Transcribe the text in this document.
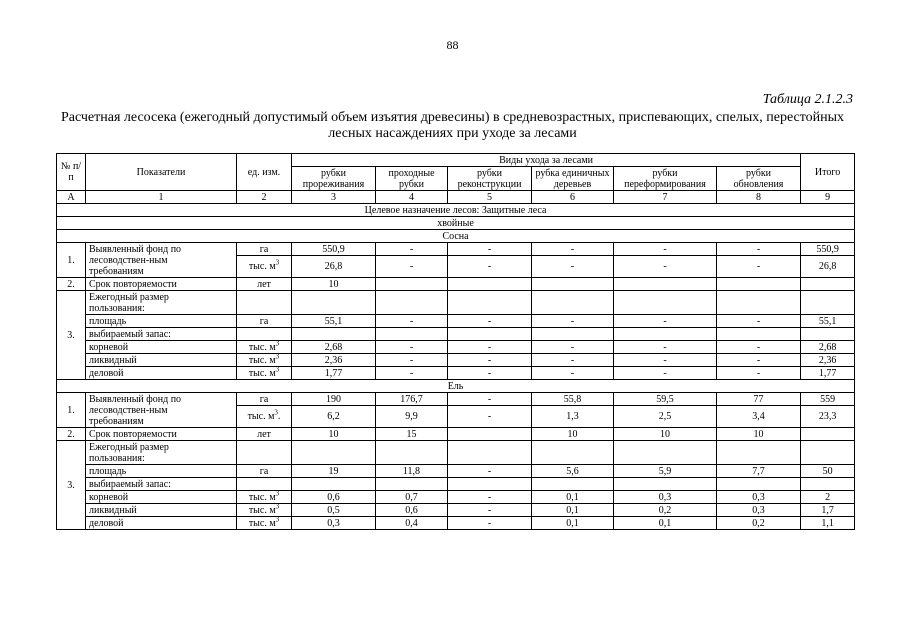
88
Таблица 2.1.2.3
Расчетная лесосека (ежегодный допустимый объем изъятия древесины) в средневозрастных, приспевающих, спелых, перестойных лесных насаждениях при уходе за лесами
№ п/п	Показатели	ед. изм.	Виды ухода за лесами						Итого
			рубки прореживания	проходные рубки	рубки реконструкции	рубка единичных деревьев	рубки переформирования	рубки обновления	

А	1	2	3	4	5	6	7	8	9
Целевое назначение лесов: Защитные леса									
хвойные									
Сосна									
1.	Выявленный фонд по
лесоводствен-ным
требованиям	га	550,9	-	-	-	-	-	550,9
		тыс. $м^3$	26,8	-	-	-	-	-	26,8
2.	Срок повторяемости	лет	10						
3.	Ежегодный размер
пользования:								

	площадь	га	55,1	-	-	-	-	-	55,1
	выбираемый запас:								
	корневой	тыс. $м^3$	2,68	-	-	-	-	-	2,68
	ликвидный	тыс. $м^3$	2,36	-	-	-	-	-	2,36
	деловой	тыс. $м^3$	1,77	-	-	-	-	-	1,77
Ель									
1.	Выявленный фонд по
лесоводствен-ным
требованиям	га	190	176,7	-	55,8	59,5	77	559
		тыс. $м^3$.	6,2	9,9	-	1,3	2,5	3,4	23,3
2.	Срок повторяемости	лет	10	15		10	10	10	
3.	Ежегодный размер
пользования:								

	площадь	га	19	11,8	-	5,6	5,9	7,7	50
	выбираемый запас:								
	корневой	тыс. $м^3$	0,6	0,7	-	0,1	0,3	0,3	2
	ликвидный	тыс. $м^3$	0,5	0,6	-	0,1	0,2	0,3	1,7
	деловой	тыс. $м^3$	0,3	0,4	-	0,1	0,1	0,2	1,1
